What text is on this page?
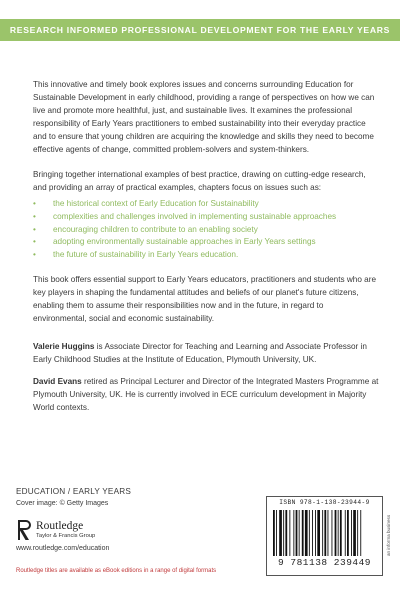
RESEARCH INFORMED PROFESSIONAL DEVELOPMENT FOR THE EARLY YEARS

This innovative and timely book explores issues and concerns surrounding Education for Sustainable Development in early childhood, providing a range of perspectives on how we can live and promote more healthful, just, and sustainable lives. It examines the professional responsibility of Early Years practitioners to embed sustainability into their everyday practice and to ensure that young children are acquiring the knowledge and skills they need to become effective agents of change, committed problem-solvers and system-thinkers.

Bringing together international examples of best practice, drawing on cutting-edge research, and providing an array of practical examples, chapters focus on issues such as:

• the historical context of Early Education for Sustainability
• complexities and challenges involved in implementing sustainable approaches
• encouraging children to contribute to an enabling society
• adopting environmentally sustainable approaches in Early Years settings
• the future of sustainability in Early Years education.

This book offers essential support to Early Years educators, practitioners and students who are key players in shaping the fundamental attitudes and beliefs of our planet's future citizens, enabling them to assume their responsibilities now and in the future, in regard to environmental, social and economic sustainability.

Valerie Huggins is Associate Director for Teaching and Learning and Associate Professor in Early Childhood Studies at the Institute of Education, Plymouth University, UK.

David Evans retired as Principal Lecturer and Director of the Integrated Masters Programme at Plymouth University, UK. He is currently involved in ECE curriculum development in Majority World contexts.

EDUCATION / EARLY YEARS
Cover image: © Getty Images
Routledge
Taylor & Francis Group
www.routledge.com/education
Routledge titles are available as eBook editions in a range of digital formats
ISBN 978-1-138-23944-9
9 781138 239449
an informa business
